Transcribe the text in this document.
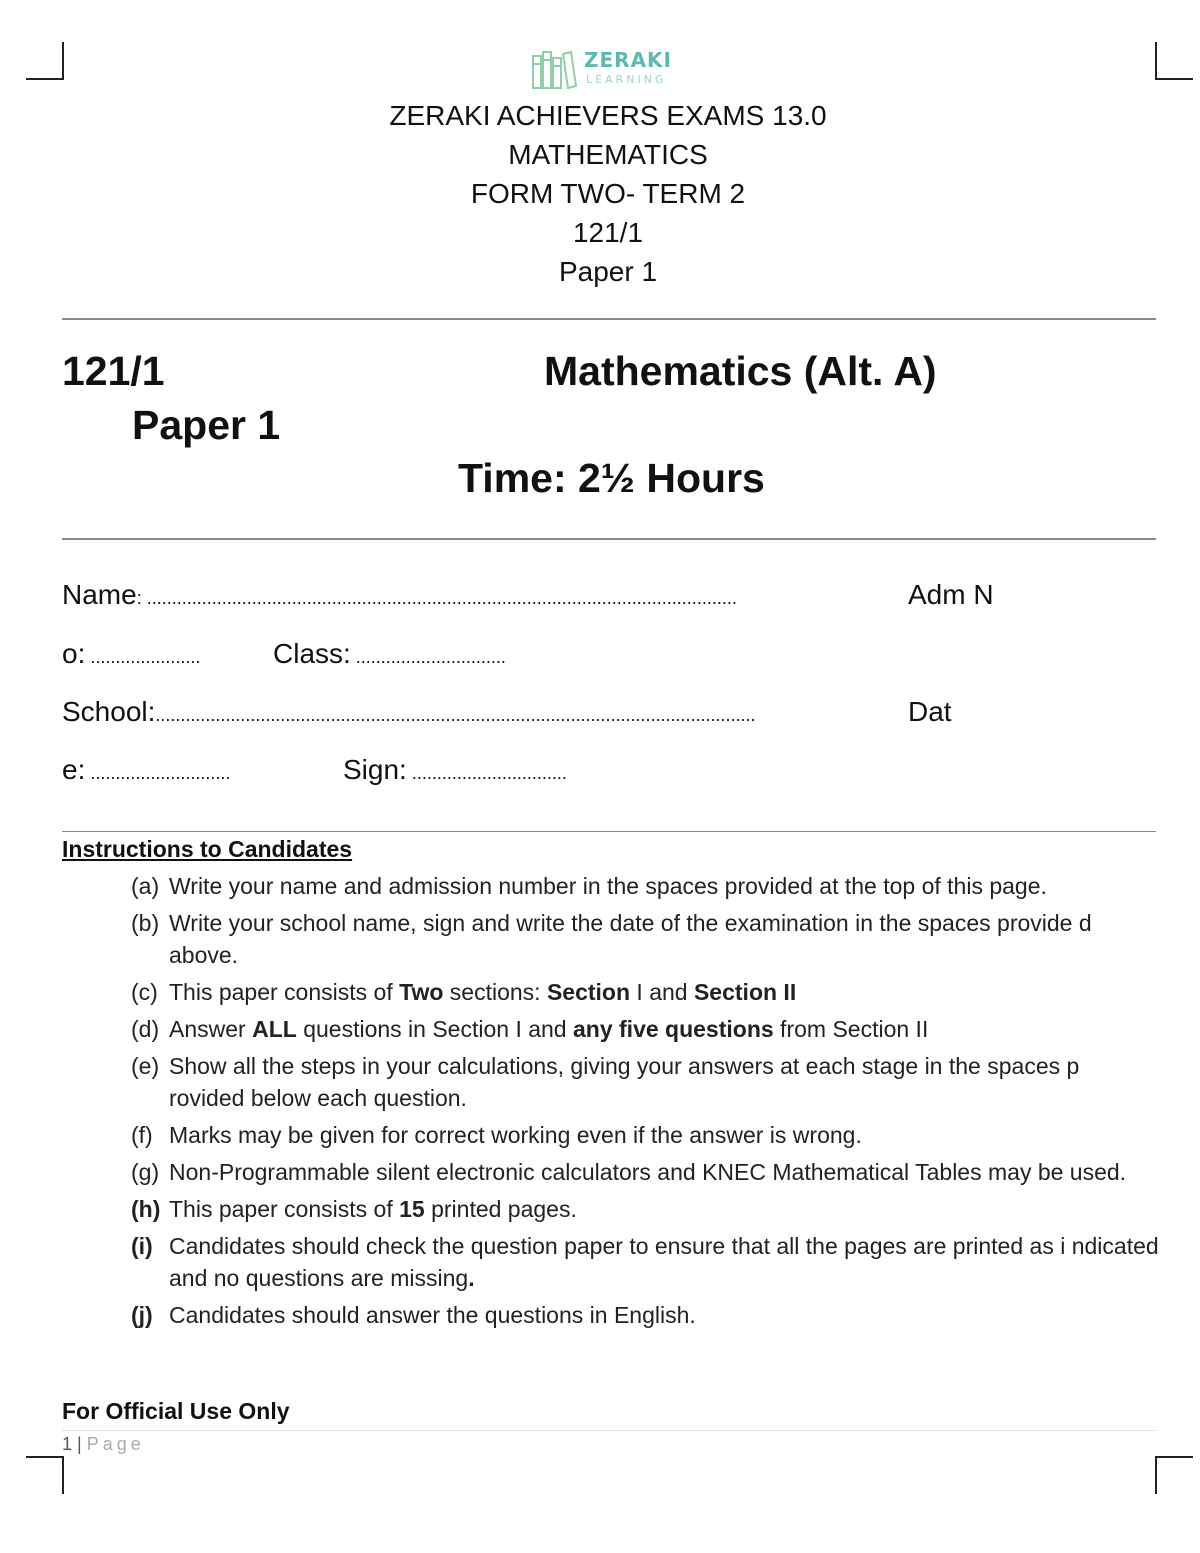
ZERAKI
LEARNING
ZERAKI ACHIEVERS EXAMS 13.0
MATHEMATICS
FORM TWO- TERM 2
121/1
Paper 1
121/1	Mathematics (Alt. A)
Paper 1
Time: 2½ Hours
Name: ......................................................................................................................	Adm N
o: ......................	Class: ..............................
School:........................................................................................................................	Dat
e: ............................	Sign: ...............................
Instructions to Candidates
(a) Write your name and admission number in the spaces provided at the top of this page.
(b) Write your school name, sign and write the date of the examination in the spaces provide d above.
(c) This paper consists of Two sections: Section I and Section II
(d) Answer ALL questions in Section I and any five questions from Section II
(e) Show all the steps in your calculations, giving your answers at each stage in the spaces p rovided below each question.
(f) Marks may be given for correct working even if the answer is wrong.
(g) Non-Programmable silent electronic calculators and KNEC Mathematical Tables may be used.
(h) This paper consists of 15 printed pages.
(i) Candidates should check the question paper to ensure that all the pages are printed as i ndicated and no questions are missing.
(j) Candidates should answer the questions in English.
For Official Use Only
1 | Page
